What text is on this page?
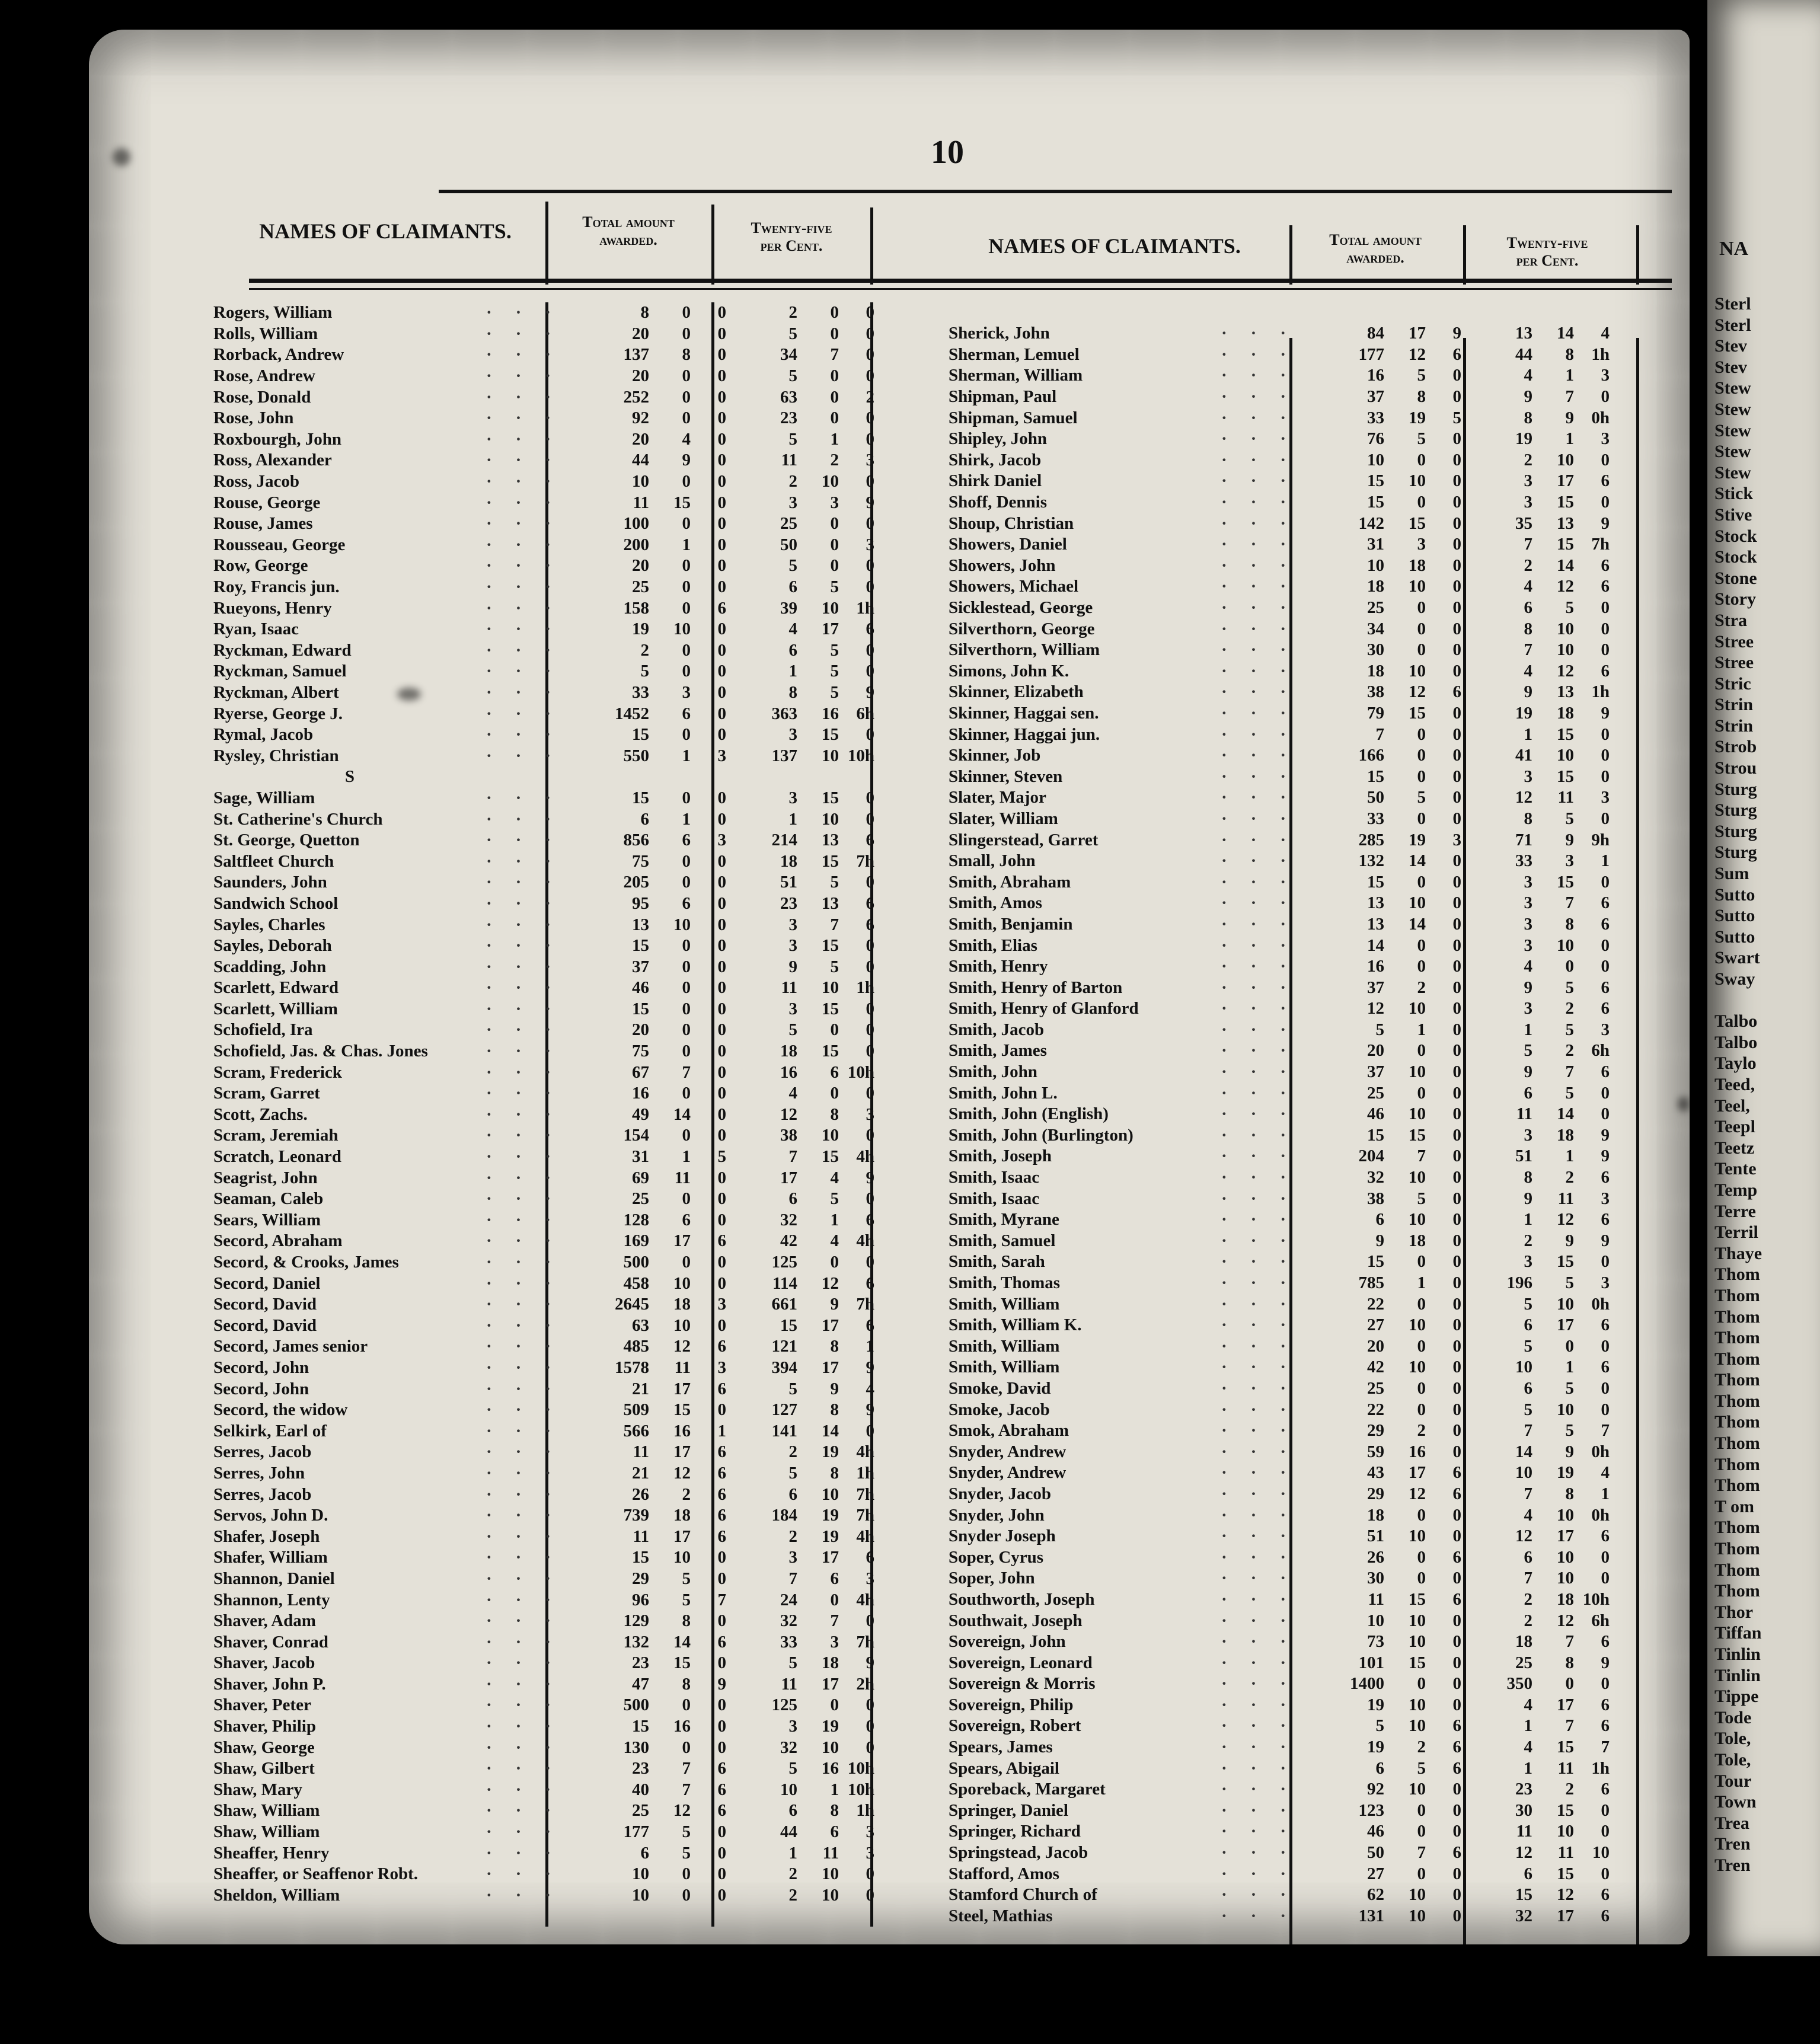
10
NAMES OF CLAIMANTS.	Total amount
awarded.
Twenty-five
per Cent.	NAMES OF CLAIMANTS.	Total amount
awarded.
Twenty-five
per Cent.
Rogers, William	···	8	0	0	2	0	0
Rolls, William	···	20	0	0	5	0	0
Rorback, Andrew	···	137	8	0	34	7	0
Rose, Andrew	···	20	0	0	5	0	0
Rose, Donald	···	252	0	0	63	0	2
Rose, John	···	92	0	0	23	0	0
Roxbourgh, John	···	20	4	0	5	1	0
Ross, Alexander	···	44	9	0	11	2	3
Ross, Jacob	···	10	0	0	2	10	0
Rouse, George	···	11	15	0	3	3	9
Rouse, James	···	100	0	0	25	0	0
Rousseau, George	···	200	1	0	50	0	3
Row, George	···	20	0	0	5	0	0
Roy, Francis jun.	···	25	0	0	6	5	0
Rueyons, Henry	···	158	0	6	39	10	1h
Ryan, Isaac	···	19	10	0	4	17	6
Ryckman, Edward	···	2	0	0	6	5	0
Ryckman, Samuel	···	5	0	0	1	5	0
Ryckman, Albert	···	33	3	0	8	5	9
Ryerse, George J.	···	1452	6	0	363	16	6h
Rymal, Jacob	···	15	0	0	3	15	0
Rysley, Christian	···	550	1	3	137	10 10h
S
Sage, William	···	15	0	0	3	15	0
St. Catherine's Church	···	6	1	0	1	10	0
St. George, Quetton	···	856	6	3	214	13	6
Saltfleet Church	···	75	0	0	18	15	7h
Saunders, John	···	205	0	0	51	5	0
Sandwich School	···	95	6	0	23	13	6
Sayles, Charles	···	13	10	0	3	7	6
Sayles, Deborah	···	15	0	0	3	15	0
Scadding, John	···	37	0	0	9	5	0
Scarlett, Edward	···	46	0	0	11	10	1h
Scarlett, William	···	15	0	0	3	15	0
Schofield, Ira	···	20	0	0	5	0	0
Schofield, Jas. & Chas. Jones	···	75	0	0	18	15	0
Scram, Frederick	···	67	7	0	16	6 10h
Scram, Garret	···	16	0	0	4	0	0
Scott, Zachs.	···	49	14	0	12	8	3
Scram, Jeremiah	···	154	0	0	38	10	0
Scratch, Leonard	···	31	1	5	7	15	4h
Seagrist, John	···	69	11	0	17	4	9
Seaman, Caleb	···	25	0	0	6	5	0
Sears, William	···	128	6	0	32	1	6
Secord, Abraham	···	169	17	6	42	4	4h
Secord, & Crooks, James	···	500	0	0	125	0	0
Secord, Daniel	···	458	10	0	114	12	6
Secord, David	···	2645	18	3	661	9	7h
Secord, David	···	63	10	0	15	17	6
Secord, James senior	···	485	12	6	121	8	1
Secord, John	···	1578	11	3	394	17	9
Secord, John	···	21	17	6	5	9	4
Secord, the widow	···	509	15	0	127	8	9
Selkirk, Earl of	···	566	16	1	141	14	0
Serres, Jacob	···	11	17	6	2	19	4h
Serres, John	···	21	12	6	5	8	1h
Serres, Jacob	···	26	2	6	6	10	7h
Servos, John D.	···	739	18	6	184	19	7h
Shafer, Joseph	···	11	17	6	2	19	4h
Shafer, William	···	15	10	0	3	17	6
Shannon, Daniel	···	29	5	0	7	6	3
Shannon, Lenty	···	96	5	7	24	0	4h
Shaver, Adam	···	129	8	0	32	7	0
Shaver, Conrad	···	132	14	6	33	3	7h
Shaver, Jacob	···	23	15	0	5	18	9
Shaver, John P.	···	47	8	9	11	17	2h
Shaver, Peter	···	500	0	0	125	0	0
Shaver, Philip	···	15	16	0	3	19	0
Shaw, George	···	130	0	0	32	10	0
Shaw, Gilbert	···	23	7	6	5	16 10h
Shaw, Mary	···	40	7	6	10	1 10h
Shaw, William	···	25	12	6	6	8	1h
Shaw, William	···	177	5	0	44	6	3
Sheaffer, Henry	···	6	5	0	1	11	3
Sheaffer, or Seaffenor Robt.	···	10	0	0	2	10	0
Sheldon, William	···	10	0	0	2	10	0
Sherick, John	···	84	17	9	13	14	4
Sherman, Lemuel	···	177	12	6	44	8	1h
Sherman, William	···	16	5	0	4	1	3
Shipman, Paul	···	37	8	0	9	7	0
Shipman, Samuel	···	33	19	5	8	9	0h
Shipley, John	···	76	5	0	19	1	3
Shirk, Jacob	···	10	0	0	2	10	0
Shirk Daniel	···	15	10	0	3	17	6
Shoff, Dennis	···	15	0	0	3	15	0
Shoup, Christian	···	142	15	0	35	13	9
Showers, Daniel	···	31	3	0	7	15	7h
Showers, John	···	10	18	0	2	14	6
Showers, Michael	···	18	10	0	4	12	6
Sicklestead, George	···	25	0	0	6	5	0
Silverthorn, George	···	34	0	0	8	10	0
Silverthorn, William	···	30	0	0	7	10	0
Simons, John K.	···	18	10	0	4	12	6
Skinner, Elizabeth	···	38	12	6	9	13	1h
Skinner, Haggai sen.	···	79	15	0	19	18	9
Skinner, Haggai jun.	···	7	0	0	1	15	0
Skinner, Job	···	166	0	0	41	10	0
Skinner, Steven	···	15	0	0	3	15	0
Slater, Major	···	50	5	0	12	11	3
Slater, William	···	33	0	0	8	5	0
Slingerstead, Garret	···	285	19	3	71	9	9h
Small, John	···	132	14	0	33	3	1
Smith, Abraham	···	15	0	0	3	15	0
Smith, Amos	···	13	10	0	3	7	6
Smith, Benjamin	···	13	14	0	3	8	6
Smith, Elias	···	14	0	0	3	10	0
Smith, Henry	···	16	0	0	4	0	0
Smith, Henry of Barton	···	37	2	0	9	5	6
Smith, Henry of Glanford	···	12	10	0	3	2	6
Smith, Jacob	···	5	1	0	1	5	3
Smith, James	···	20	0	0	5	2	6h
Smith, John	···	37	10	0	9	7	6
Smith, John L.	···	25	0	0	6	5	0
Smith, John (English)	···	46	10	0	11	14	0
Smith, John (Burlington)	···	15	15	0	3	18	9
Smith, Joseph	···	204	7	0	51	1	9
Smith, Isaac	···	32	10	0	8	2	6
Smith, Isaac	···	38	5	0	9	11	3
Smith, Myrane	···	6	10	0	1	12	6
Smith, Samuel	···	9	18	0	2	9	9
Smith, Sarah	···	15	0	0	3	15	0
Smith, Thomas	···	785	1	0	196	5	3
Smith, William	···	22	0	0	5	10	0h
Smith, William K.	···	27	10	0	6	17	6
Smith, William	···	20	0	0	5	0	0
Smith, William	···	42	10	0	10	1	6
Smoke, David	···	25	0	0	6	5	0
Smoke, Jacob	···	22	0	0	5	10	0
Smok, Abraham	···	29	2	0	7	5	7
Snyder, Andrew	···	59	16	0	14	9	0h
Snyder, Andrew	···	43	17	6	10	19	4
Snyder, Jacob	···	29	12	6	7	8	1
Snyder, John	···	18	0	0	4	10	0h
Snyder Joseph	···	51	10	0	12	17	6
Soper, Cyrus	···	26	0	6	6	10	0
Soper, John	···	30	0	0	7	10	0
Southworth, Joseph	···	11	15	6	2	18 10h
Southwait, Joseph	···	10	10	0	2	12	6h
Sovereign, John	···	73	10	0	18	7	6
Sovereign, Leonard	···	101	15	0	25	8	9
Sovereign & Morris	···	1400	0	0	350	0	0
Sovereign, Philip	···	19	10	0	4	17	6
Sovereign, Robert	···	5	10	6	1	7	6
Spears, James	···	19	2	6	4	15	7
Spears, Abigail	···	6	5	6	1	11	1h
Sporeback, Margaret	···	92	10	0	23	2	6
Springer, Daniel	···	123	0	0	30	15	0
Springer, Richard	···	46	0	0	11	10	0
Springstead, Jacob	···	50	7	6	12	11	10
Stafford, Amos	···	27	0	0	6	15	0
Stamford Church of	···	62	10	0	15	12	6
Steel, Mathias	···	131	10	0	32	17	6
NA
Sterl
Sterl
Stev
Stev
Stew
Stew
Stew
Stew
Stew
Stick
Stive
Stock
Stock
Stone
Story
Stra
Stree
Stree
Stric
Strin
Strin
Strob
Strou
Sturg
Sturg
Sturg
Sturg
Sum
Sutto
Sutto
Sutto
Swart
Sway
Talbo
Talbo
Taylo
Teed,
Teel,
Teepl
Teetz
Tente
Temp
Terre
Terril
Thaye
Thom
Thom
Thom
Thom
Thom
Thom
Thom
Thom
Thom
Thom
Thom
T om
Thom
Thom
Thom
Thom
Thor
Tiffan
Tinlin
Tinlin
Tippe
Tode
Tole,
Tole,
Tour
Town
Trea
Tren
Tren
